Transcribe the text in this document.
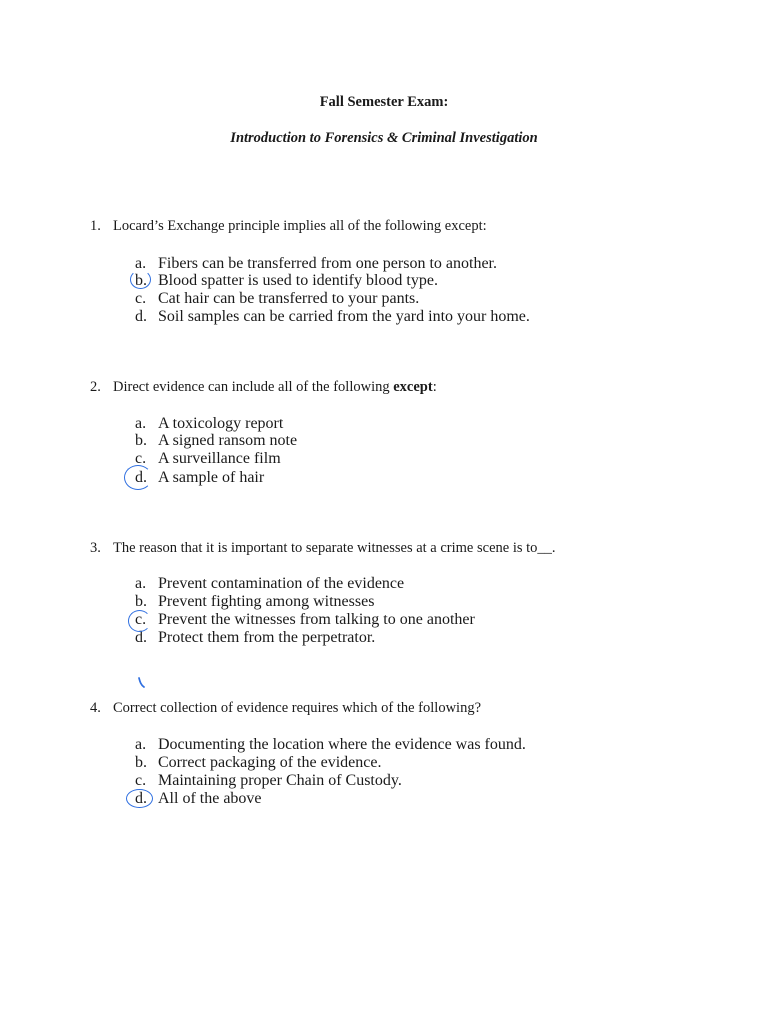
Fall Semester Exam:

Introduction to Forensics & Criminal Investigation

1. Locard’s Exchange principle implies all of the following except:
a. Fibers can be transferred from one person to another.
b. Blood spatter is used to identify blood type.
c. Cat hair can be transferred to your pants.
d. Soil samples can be carried from the yard into your home.
2. Direct evidence can include all of the following except:
a. A toxicology report
b. A signed ransom note
c. A surveillance film
d. A sample of hair
3. The reason that it is important to separate witnesses at a crime scene is to__.
a. Prevent contamination of the evidence
b. Prevent fighting among witnesses
c. Prevent the witnesses from talking to one another
d. Protect them from the perpetrator.
4. Correct collection of evidence requires which of the following?
a. Documenting the location where the evidence was found.
b. Correct packaging of the evidence.
c. Maintaining proper Chain of Custody.
d. All of the above
